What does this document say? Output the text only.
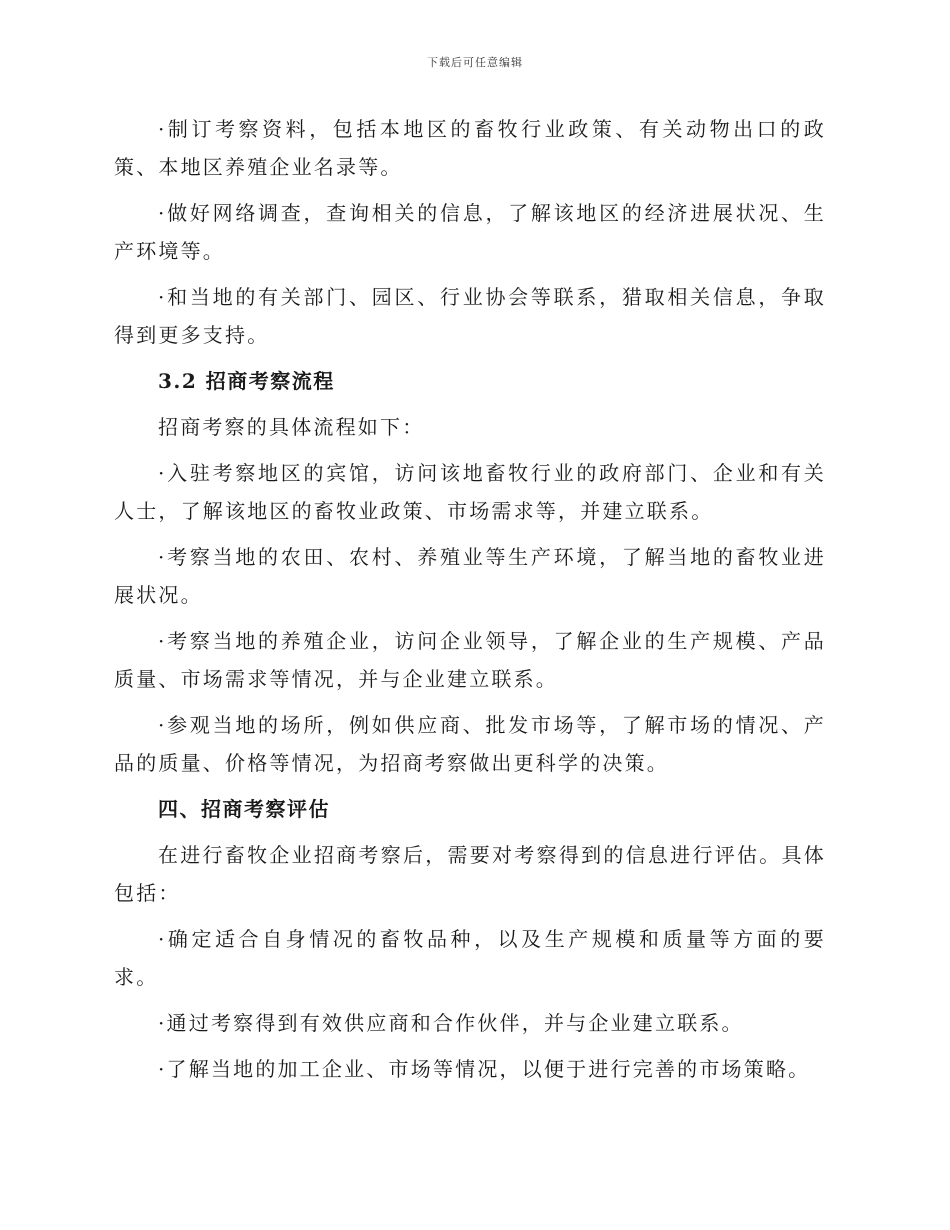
下载后可任意编辑

·制订考察资料，包括本地区的畜牧行业政策、有关动物出口的政策、本地区养殖企业名录等。

·做好网络调查，查询相关的信息，了解该地区的经济进展状况、生产环境等。

·和当地的有关部门、园区、行业协会等联系，猎取相关信息，争取得到更多支持。

3.2 招商考察流程

招商考察的具体流程如下：

·入驻考察地区的宾馆，访问该地畜牧行业的政府部门、企业和有关人士，了解该地区的畜牧业政策、市场需求等，并建立联系。

·考察当地的农田、农村、养殖业等生产环境，了解当地的畜牧业进展状况。

·考察当地的养殖企业，访问企业领导，了解企业的生产规模、产品质量、市场需求等情况，并与企业建立联系。

·参观当地的场所，例如供应商、批发市场等，了解市场的情况、产品的质量、价格等情况，为招商考察做出更科学的决策。

四、招商考察评估

在进行畜牧企业招商考察后，需要对考察得到的信息进行评估。具体包括：

·确定适合自身情况的畜牧品种，以及生产规模和质量等方面的要求。

·通过考察得到有效供应商和合作伙伴，并与企业建立联系。

·了解当地的加工企业、市场等情况，以便于进行完善的市场策略。
